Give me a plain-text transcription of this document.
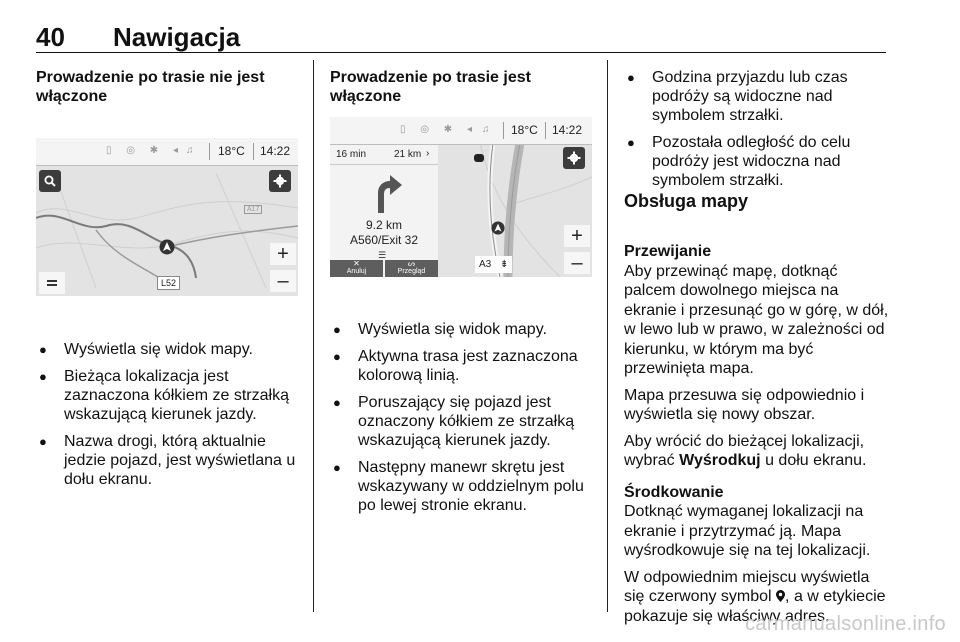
40 Nawigacja
Prowadzenie po trasie nie jest włączone
▯ ◎ ✱ ◂ ♫ 18°C 14:22
A17
+
–
L52
● Wyświetla się widok mapy.
● Bieżąca lokalizacja jest zaznaczona kółkiem ze strzałką wskazującą kierunek jazdy.
● Nazwa drogi, którą aktualnie jedzie pojazd, jest wyświetlana u dołu ekranu.
Prowadzenie po trasie jest włączone
▯ ◎ ✱ ◂ ♫ 18°C 14:22
16 min	21 km ›
9.2 km
A560/Exit 32
☰
✕
Anuluj
ᔕ
Przegląd
+
–
A3 ⇟
● Wyświetla się widok mapy.
● Aktywna trasa jest zaznaczona kolorową linią.
● Poruszający się pojazd jest oznaczony kółkiem ze strzałką wskazującą kierunek jazdy.
● Następny manewr skrętu jest wskazywany w oddzielnym polu po lewej stronie ekranu.
● Godzina przyjazdu lub czas podróży są widoczne nad symbolem strzałki.
● Pozostała odległość do celu podróży jest widoczna nad symbolem strzałki.
Obsługa mapy

Przewijanie

Aby przewinąć mapę, dotknąć palcem dowolnego miejsca na ekranie i przesunąć go w górę, w dół, w lewo lub w prawo, w zależności od kierunku, w którym ma być przewinięta mapa.

Mapa przesuwa się odpowiednio i wyświetla się nowy obszar.

Aby wrócić do bieżącej lokalizacji, wybrać Wyśrodkuj u dołu ekranu.

Środkowanie

Dotknąć wymaganej lokalizacji na ekranie i przytrzymać ją. Mapa wyśrodkowuje się na tej lokalizacji.

W odpowiednim miejscu wyświetla się czerwony symbol , a w etykiecie pokazuje się właściwy adres.

carmanualsonline.info
